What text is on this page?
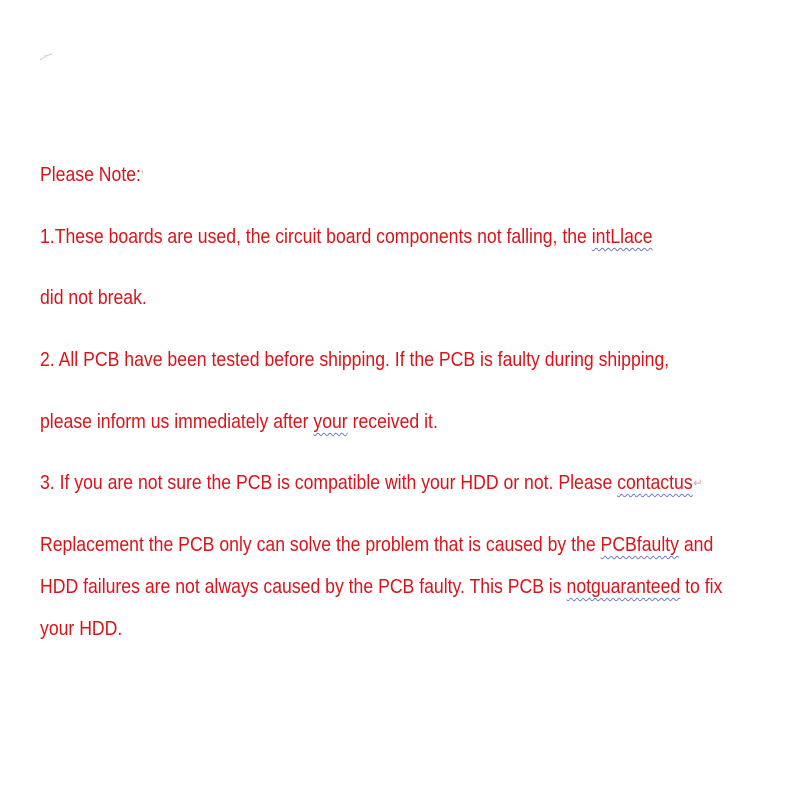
Please Note:ʻ
1.These boards are used, the circuit board components not falling, the intLlace
did not break.
2. All PCB have been tested before shipping. If the PCB is faulty during shipping,
please inform us immediately after your received it.
3. If you are not sure the PCB is compatible with your HDD or not. Please contactus↵
Replacement the PCB only can solve the problem that is caused by the PCBfaulty and
HDD failures are not always caused by the PCB faulty. This PCB is notguaranteed to fix
your HDD.
